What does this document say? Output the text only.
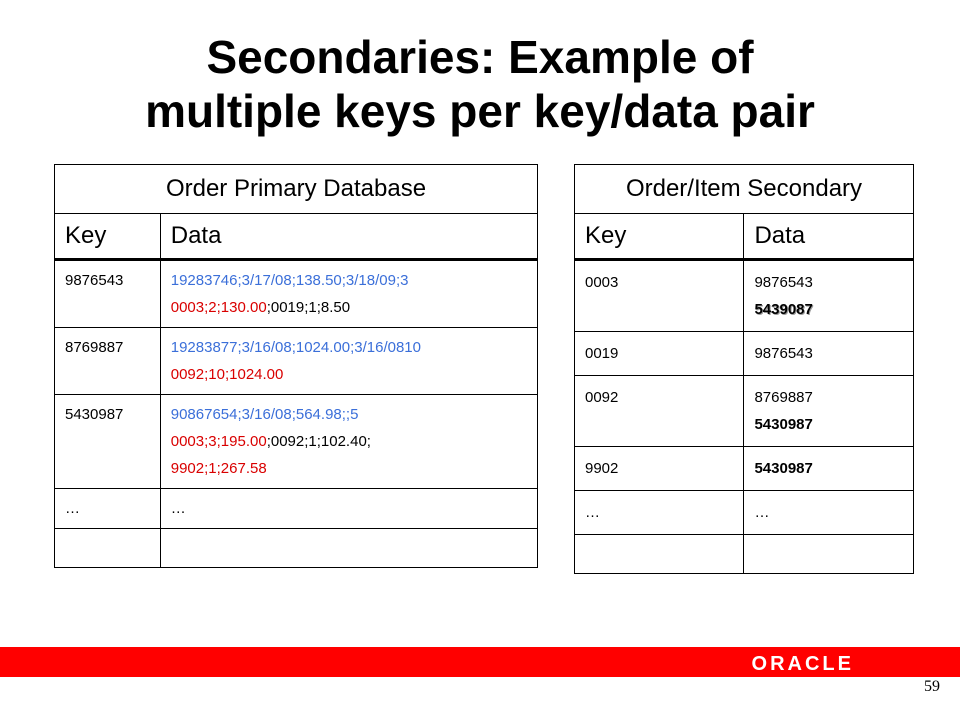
Secondaries: Example of
multiple keys per key/data pair
Order Primary Database	
Key	Data
9876543	19283746;3/17/08;138.50;3/18/09;3
0003;2;130.00;0019;1;8.50

8769887	19283877;3/16/08;1024.00;3/16/0810
0092;10;1024.00

5430987	90867654;3/16/08;564.98;;5
0003;3;195.00;0092;1;102.40;
9902;1;267.58

…	…

Order/Item Secondary	
Key	Data
0003	9876543
5439087

0019	9876543
0092	8769887
5430987

9902	5430987
…	…

ORACLE
59
